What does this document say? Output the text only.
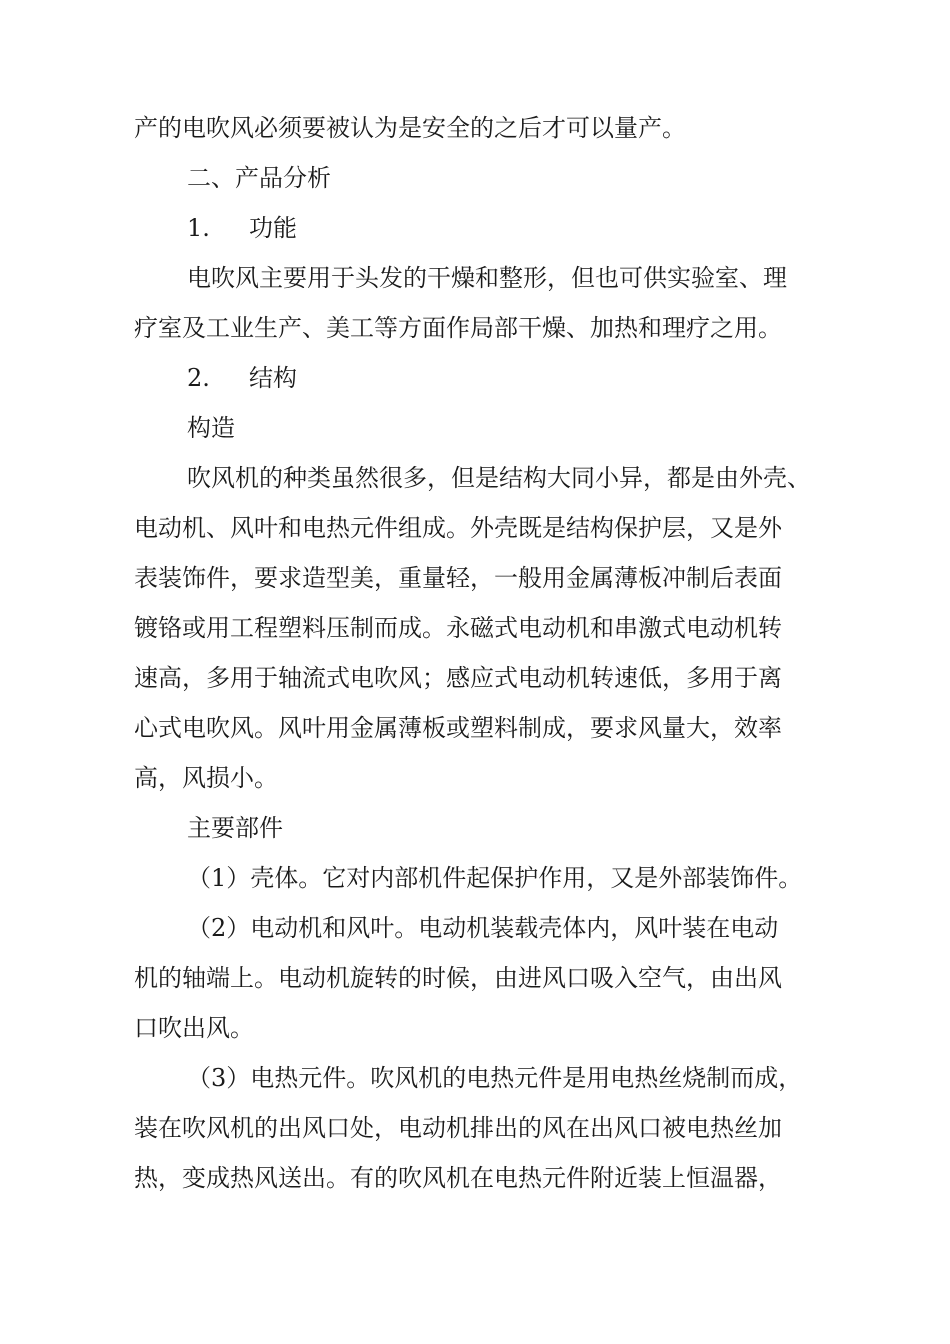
产的电吹风必须要被认为是安全的之后才可以量产。
二、产品分析
1. 功能
电吹风主要用于头发的干燥和整形，但也可供实验室、理
疗室及工业生产、美工等方面作局部干燥、加热和理疗之用。
2. 结构
构造
吹风机的种类虽然很多，但是结构大同小异，都是由外壳、
电动机、风叶和电热元件组成。外壳既是结构保护层，又是外
表装饰件，要求造型美，重量轻，一般用金属薄板冲制后表面
镀铬或用工程塑料压制而成。永磁式电动机和串激式电动机转
速高，多用于轴流式电吹风；感应式电动机转速低，多用于离
心式电吹风。风叶用金属薄板或塑料制成，要求风量大，效率
高，风损小。
主要部件
（1）壳体。它对内部机件起保护作用，又是外部装饰件。
（2）电动机和风叶。电动机装载壳体内，风叶装在电动
机的轴端上。电动机旋转的时候，由进风口吸入空气，由出风
口吹出风。
（3）电热元件。吹风机的电热元件是用电热丝烧制而成，
装在吹风机的出风口处，电动机排出的风在出风口被电热丝加
热，变成热风送出。有的吹风机在电热元件附近装上恒温器，
